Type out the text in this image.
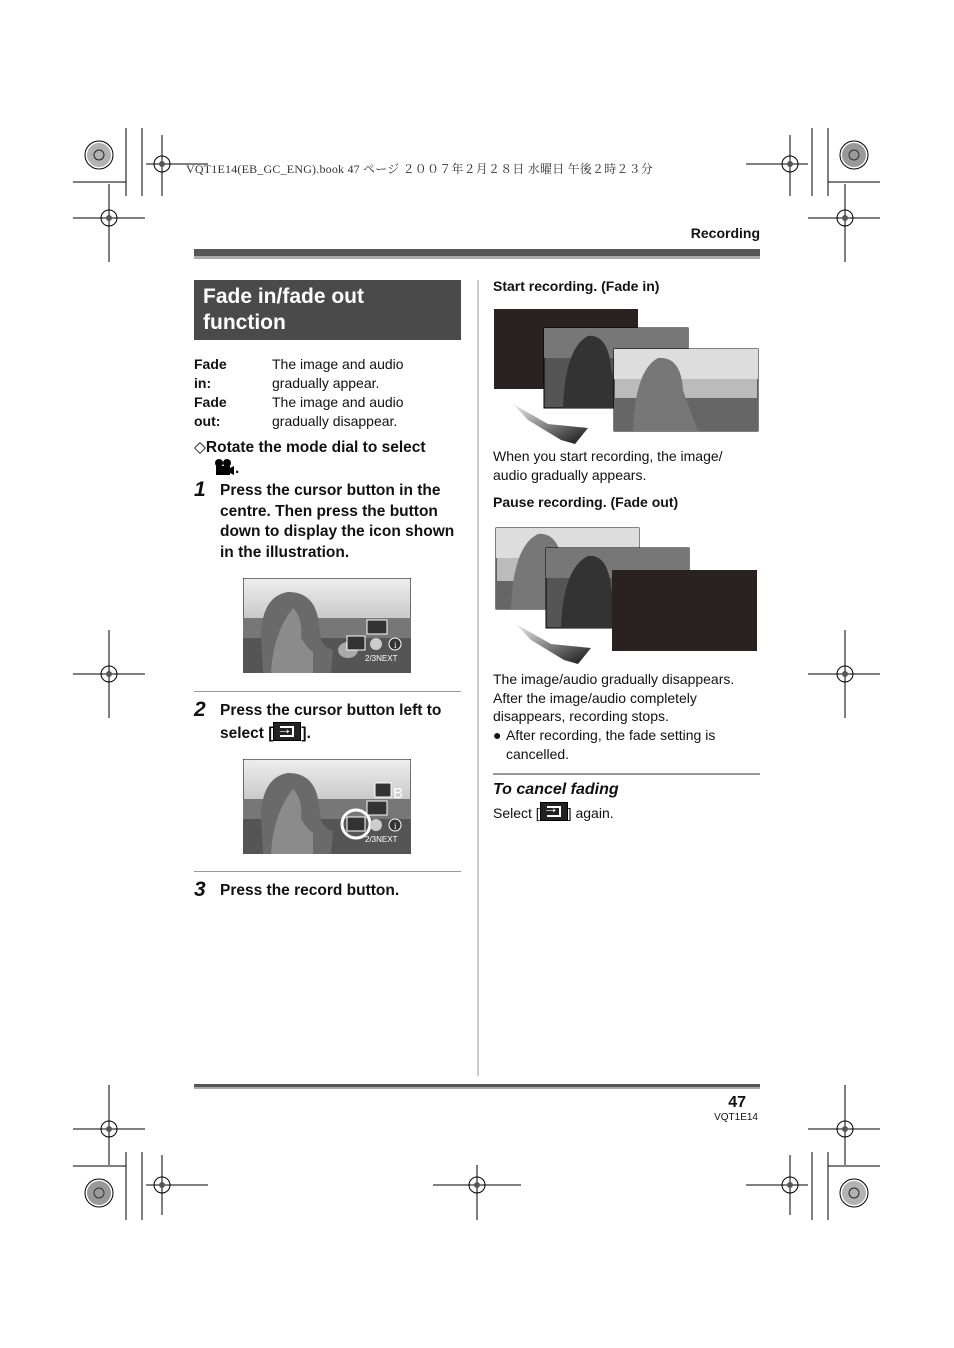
VQT1E14(EB_GC_ENG).book 47 ページ ２００７年２月２８日 水曜日 午後２時２３分
Recording
Fade in/fade out function
Fade in:
The image and audio gradually appear.
Fade out:
The image and audio gradually disappear.
◇Rotate the mode dial to select
.
1 Press the cursor button in the centre. Then press the button down to display the icon shown in the illustration.
i
2/3NEXT
2 Press the cursor button left to select [ → ].
B
i
2/3NEXT
3 Press the record button.
Start recording. (Fade in)
When you start recording, the image/ audio gradually appears.
Pause recording. (Fade out)
The image/audio gradually disappears. After the image/audio completely disappears, recording stops.
● After recording, the fade setting is cancelled.
To cancel fading
Select [ → ] again.
47
VQT1E14
